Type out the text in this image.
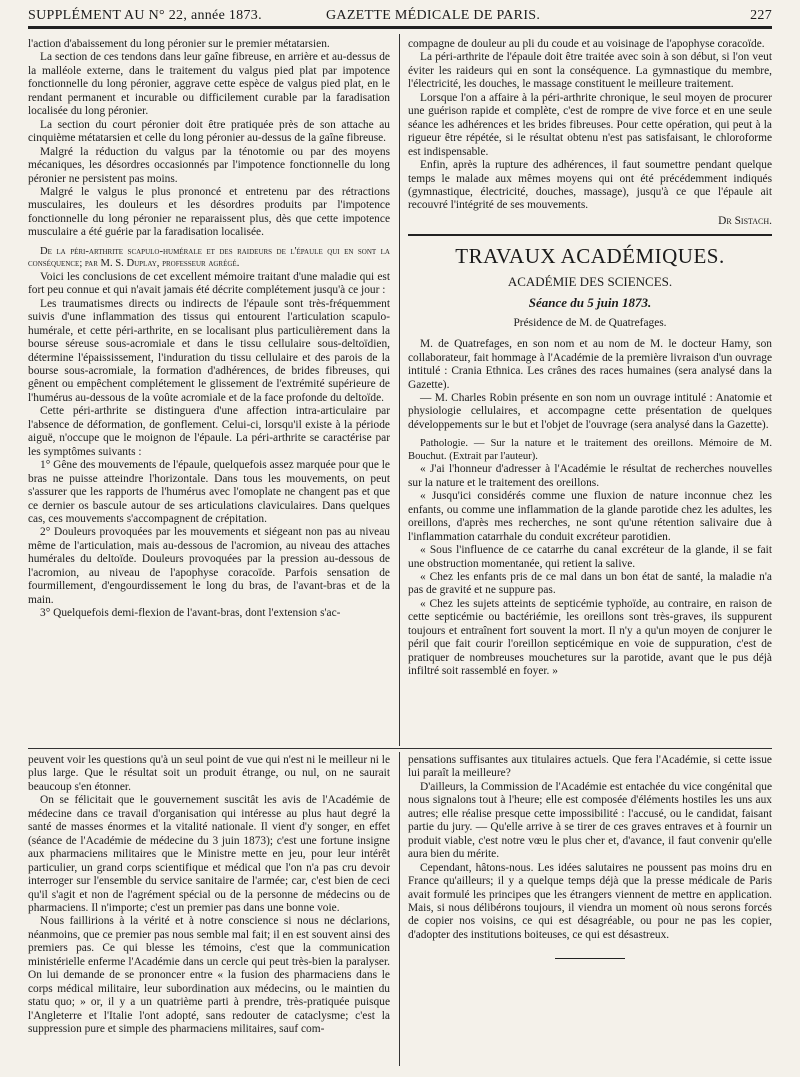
SUPPLÉMENT AU N° 22, année 1873.	GAZETTE MÉDICALE DE PARIS.	227

l'action d'abaissement du long péronier sur le premier métatarsien.

La section de ces tendons dans leur gaîne fibreuse, en arrière et au-dessus de la malléole externe, dans le traitement du valgus pied plat par impotence fonctionnelle du long péronier, aggrave cette espèce de valgus pied plat, en le rendant permanent et incurable ou difficilement curable par la faradisation localisée du long péronier.

La section du court péronier doit être pratiquée près de son attache au cinquième métatarsien et celle du long péronier au-dessus de la gaîne fibreuse.

Malgré la réduction du valgus par la ténotomie ou par des moyens mécaniques, les désordres occasionnés par l'impotence fonctionnelle du long péronier ne persistent pas moins.

Malgré le valgus le plus prononcé et entretenu par des rétractions musculaires, les douleurs et les désordres produits par l'impotence fonctionnelle du long péronier ne reparaissent plus, dès que cette impotence musculaire a été guérie par la faradisation localisée.

De la péri-arthrite scapulo-humérale et des raideurs de l'épaule qui en sont la conséquence; par M. S. Duplay, professeur agrégé.

Voici les conclusions de cet excellent mémoire traitant d'une maladie qui est fort peu connue et qui n'avait jamais été décrite complétement jusqu'à ce jour :

Les traumatismes directs ou indirects de l'épaule sont très-fréquemment suivis d'une inflammation des tissus qui entourent l'articulation scapulo-humérale, et cette péri-arthrite, en se localisant plus particulièrement dans la bourse séreuse sous-acromiale et dans le tissu cellulaire sous-deltoïdien, détermine l'épaississement, l'induration du tissu cellulaire et des parois de la bourse sous-acromiale, la formation d'adhérences, de brides fibreuses, qui gênent ou empêchent complétement le glissement de l'extrémité supérieure de l'humérus au-dessous de la voûte acromiale et de la face profonde du deltoïde.

Cette péri-arthrite se distinguera d'une affection intra-articulaire par l'absence de déformation, de gonflement. Celui-ci, lorsqu'il existe à la période aiguë, n'occupe que le moignon de l'épaule. La péri-arthrite se caractérise par les symptômes suivants :

1° Gêne des mouvements de l'épaule, quelquefois assez marquée pour que le bras ne puisse atteindre l'horizontale. Dans tous les mouvements, on peut s'assurer que les rapports de l'humérus avec l'omoplate ne changent pas et que ce dernier os bascule autour de ses articulations claviculaires. Dans quelques cas, ces mouvements s'accompagnent de crépitation.

2° Douleurs provoquées par les mouvements et siégeant non pas au niveau même de l'articulation, mais au-dessous de l'acromion, au niveau des attaches humérales du deltoïde. Douleurs provoquées par la pression au-dessous de l'acromion, au niveau de l'apophyse coracoïde. Parfois sensation de fourmillement, d'engourdissement le long du bras, de l'avant-bras et de la main.

3° Quelquefois demi-flexion de l'avant-bras, dont l'extension s'ac-

compagne de douleur au pli du coude et au voisinage de l'apophyse coracoïde.

La péri-arthrite de l'épaule doit être traitée avec soin à son début, si l'on veut éviter les raideurs qui en sont la conséquence. La gymnastique du membre, l'électricité, les douches, le massage constituent le meilleure traitement.

Lorsque l'on a affaire à la péri-arthrite chronique, le seul moyen de procurer une guérison rapide et complète, c'est de rompre de vive force et en une seule séance les adhérences et les brides fibreuses. Pour cette opération, qui peut à la rigueur être répétée, si le résultat obtenu n'est pas satisfaisant, le chloroforme est indispensable.

Enfin, après la rupture des adhérences, il faut soumettre pendant quelque temps le malade aux mêmes moyens qui ont été précédemment indiqués (gymnastique, électricité, douches, massage), jusqu'à ce que l'épaule ait recouvré l'intégrité de ses mouvements.

Dr Sistach.

TRAVAUX ACADÉMIQUES.
ACADÉMIE DES SCIENCES.
Séance du 5 juin 1873.
Présidence de M. de Quatrefages.

M. de Quatrefages, en son nom et au nom de M. le docteur Hamy, son collaborateur, fait hommage à l'Académie de la première livraison d'un ouvrage intitulé : Crania Ethnica. Les crânes des races humaines (sera analysé dans la Gazette).

— M. Charles Robin présente en son nom un ouvrage intitulé : Anatomie et physiologie cellulaires, et accompagne cette présentation de quelques développements sur le but et l'objet de l'ouvrage (sera analysé dans la Gazette).

Pathologie. — Sur la nature et le traitement des oreillons. Mémoire de M. Bouchut. (Extrait par l'auteur).

« J'ai l'honneur d'adresser à l'Académie le résultat de recherches nouvelles sur la nature et le traitement des oreillons.

« Jusqu'ici considérés comme une fluxion de nature inconnue chez les enfants, ou comme une inflammation de la glande parotide chez les adultes, les oreillons, d'après mes recherches, ne sont qu'une rétention salivaire due à l'inflammation catarrhale du conduit excréteur parotidien.

« Sous l'influence de ce catarrhe du canal excréteur de la glande, il se fait une obstruction momentanée, qui retient la salive.

« Chez les enfants pris de ce mal dans un bon état de santé, la maladie n'a pas de gravité et ne suppure pas.

« Chez les sujets atteints de septicémie typhoïde, au contraire, en raison de cette septicémie ou bactériémie, les oreillons sont très-graves, ils suppurent toujours et entraînent fort souvent la mort. Il n'y a qu'un moyen de conjurer le péril que fait courir l'oreillon septicémique en voie de suppuration, c'est de pratiquer de nombreuses mouchetures sur la parotide, avant que le pus déjà infiltré soit rassemblé en foyer. »

peuvent voir les questions qu'à un seul point de vue qui n'est ni le meilleur ni le plus large. Que le résultat soit un produit étrange, ou nul, on ne saurait beaucoup s'en étonner.

On se félicitait que le gouvernement suscitât les avis de l'Académie de médecine dans ce travail d'organisation qui intéresse au plus haut degré la santé de masses énormes et la vitalité nationale. Il vient d'y songer, en effet (séance de l'Académie de médecine du 3 juin 1873); c'est une fortune insigne aux pharmaciens militaires que le Ministre mette en jeu, pour leur intérêt particulier, un grand corps scientifique et médical que l'on n'a pas cru devoir interroger sur l'ensemble du service sanitaire de l'armée; car, c'est bien de ceci qu'il s'agit et non de l'agrément spécial ou de la personne de médecins ou de pharmaciens. Il n'importe; c'est un premier pas dans une bonne voie.

Nous faillirions à la vérité et à notre conscience si nous ne déclarions, néanmoins, que ce premier pas nous semble mal fait; il en est souvent ainsi des premiers pas. Ce qui blesse les témoins, c'est que la communication ministérielle enferme l'Académie dans un cercle qui peut très-bien la paralyser. On lui demande de se prononcer entre « la fusion des pharmaciens dans le corps médical militaire, leur subordination aux médecins, ou le maintien du statu quo; » or, il y a un quatrième parti à prendre, très-pratiquée puisque l'Angleterre et l'Italie l'ont adopté, sans redouter de cataclysme; c'est la suppression pure et simple des pharmaciens militaires, sauf com-

pensations suffisantes aux titulaires actuels. Que fera l'Académie, si cette issue lui paraît la meilleure?

D'ailleurs, la Commission de l'Académie est entachée du vice congénital que nous signalons tout à l'heure; elle est composée d'éléments hostiles les uns aux autres; elle réalise presque cette impossibilité : l'accusé, ou le candidat, faisant partie du jury. — Qu'elle arrive à se tirer de ces graves entraves et à fournir un produit viable, c'est notre vœu le plus cher et, d'avance, il faut convenir qu'elle aura bien du mérite.

Cependant, hâtons-nous. Les idées salutaires ne poussent pas moins dru en France qu'ailleurs; il y a quelque temps déjà que la presse médicale de Paris avait formulé les principes que les étrangers viennent de mettre en application. Mais, si nous délibérons toujours, il viendra un moment où nous serons forcés de copier nos voisins, ce qui est désagréable, ou pour ne pas les copier, d'adopter des institutions boiteuses, ce qui est désastreux.
